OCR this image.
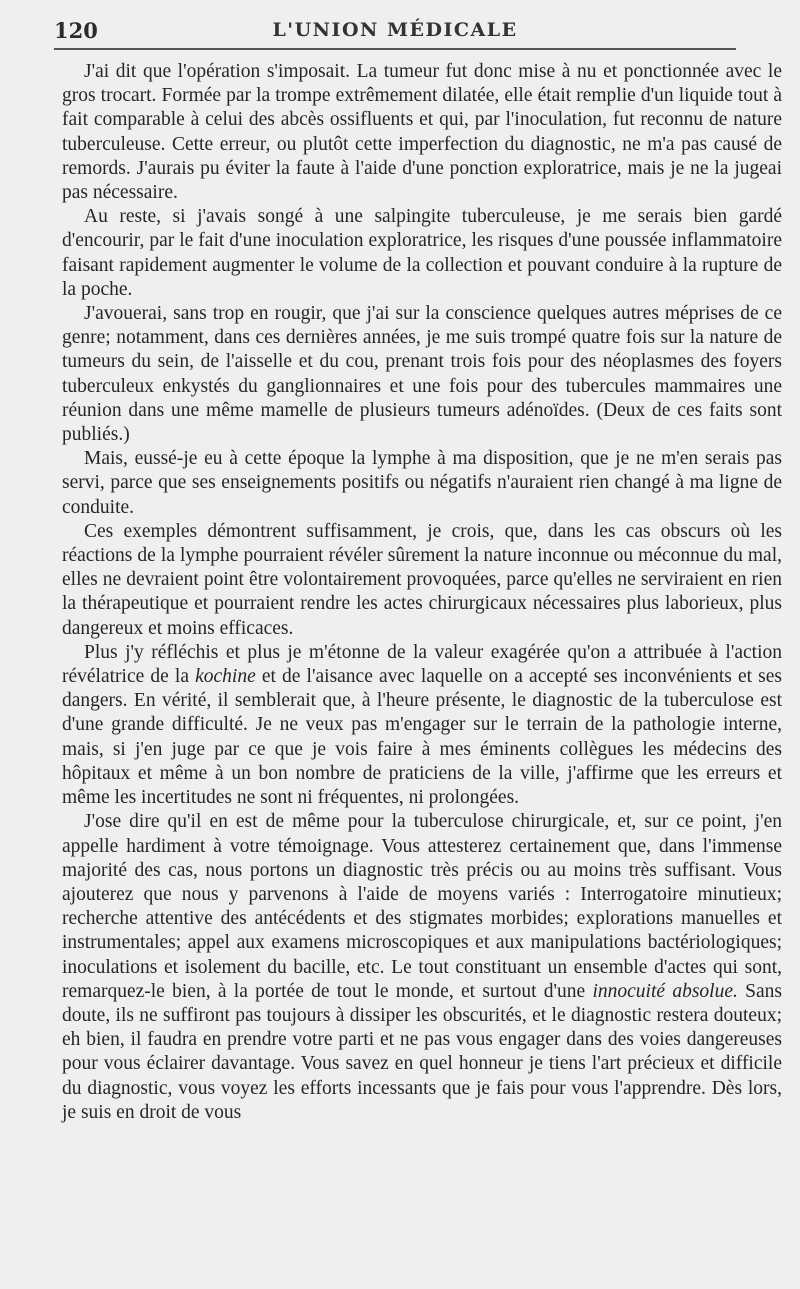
120	L'UNION MÉDICALE

J'ai dit que l'opération s'imposait. La tumeur fut donc mise à nu et ponctionnée avec le gros trocart. Formée par la trompe extrêmement dilatée, elle était remplie d'un liquide tout à fait comparable à celui des abcès ossifluents et qui, par l'inoculation, fut reconnu de nature tuberculeuse. Cette erreur, ou plutôt cette imperfection du diagnostic, ne m'a pas causé de remords. J'aurais pu éviter la faute à l'aide d'une ponction exploratrice, mais je ne la jugeai pas nécessaire.

Au reste, si j'avais songé à une salpingite tuberculeuse, je me serais bien gardé d'encourir, par le fait d'une inoculation exploratrice, les risques d'une poussée inflammatoire faisant rapidement augmenter le volume de la collection et pouvant conduire à la rupture de la poche.

J'avouerai, sans trop en rougir, que j'ai sur la conscience quelques autres méprises de ce genre; notamment, dans ces dernières années, je me suis trompé quatre fois sur la nature de tumeurs du sein, de l'aisselle et du cou, prenant trois fois pour des néoplasmes des foyers tuberculeux enkystés du ganglionnaires et une fois pour des tubercules mammaires une réunion dans une même mamelle de plusieurs tumeurs adénoïdes. (Deux de ces faits sont publiés.)

Mais, eussé-je eu à cette époque la lymphe à ma disposition, que je ne m'en serais pas servi, parce que ses enseignements positifs ou négatifs n'auraient rien changé à ma ligne de conduite.

Ces exemples démontrent suffisamment, je crois, que, dans les cas obscurs où les réactions de la lymphe pourraient révéler sûrement la nature inconnue ou méconnue du mal, elles ne devraient point être volontairement provoquées, parce qu'elles ne serviraient en rien la thérapeutique et pourraient rendre les actes chirurgicaux nécessaires plus laborieux, plus dangereux et moins efficaces.

Plus j'y réfléchis et plus je m'étonne de la valeur exagérée qu'on a attribuée à l'action révélatrice de la kochine et de l'aisance avec laquelle on a accepté ses inconvénients et ses dangers. En vérité, il semblerait que, à l'heure présente, le diagnostic de la tuberculose est d'une grande difficulté. Je ne veux pas m'engager sur le terrain de la pathologie interne, mais, si j'en juge par ce que je vois faire à mes éminents collègues les médecins des hôpitaux et même à un bon nombre de praticiens de la ville, j'affirme que les erreurs et même les incertitudes ne sont ni fréquentes, ni prolongées.

J'ose dire qu'il en est de même pour la tuberculose chirurgicale, et, sur ce point, j'en appelle hardiment à votre témoignage. Vous attesterez certainement que, dans l'immense majorité des cas, nous portons un diagnostic très précis ou au moins très suffisant. Vous ajouterez que nous y parvenons à l'aide de moyens variés : Interrogatoire minutieux; recherche attentive des antécédents et des stigmates morbides; explorations manuelles et instrumentales; appel aux examens microscopiques et aux manipulations bactériologiques; inoculations et isolement du bacille, etc. Le tout constituant un ensemble d'actes qui sont, remarquez-le bien, à la portée de tout le monde, et surtout d'une innocuité absolue. Sans doute, ils ne suffiront pas toujours à dissiper les obscurités, et le diagnostic restera douteux; eh bien, il faudra en prendre votre parti et ne pas vous engager dans des voies dangereuses pour vous éclairer davantage. Vous savez en quel honneur je tiens l'art précieux et difficile du diagnostic, vous voyez les efforts incessants que je fais pour vous l'apprendre. Dès lors, je suis en droit de vous
